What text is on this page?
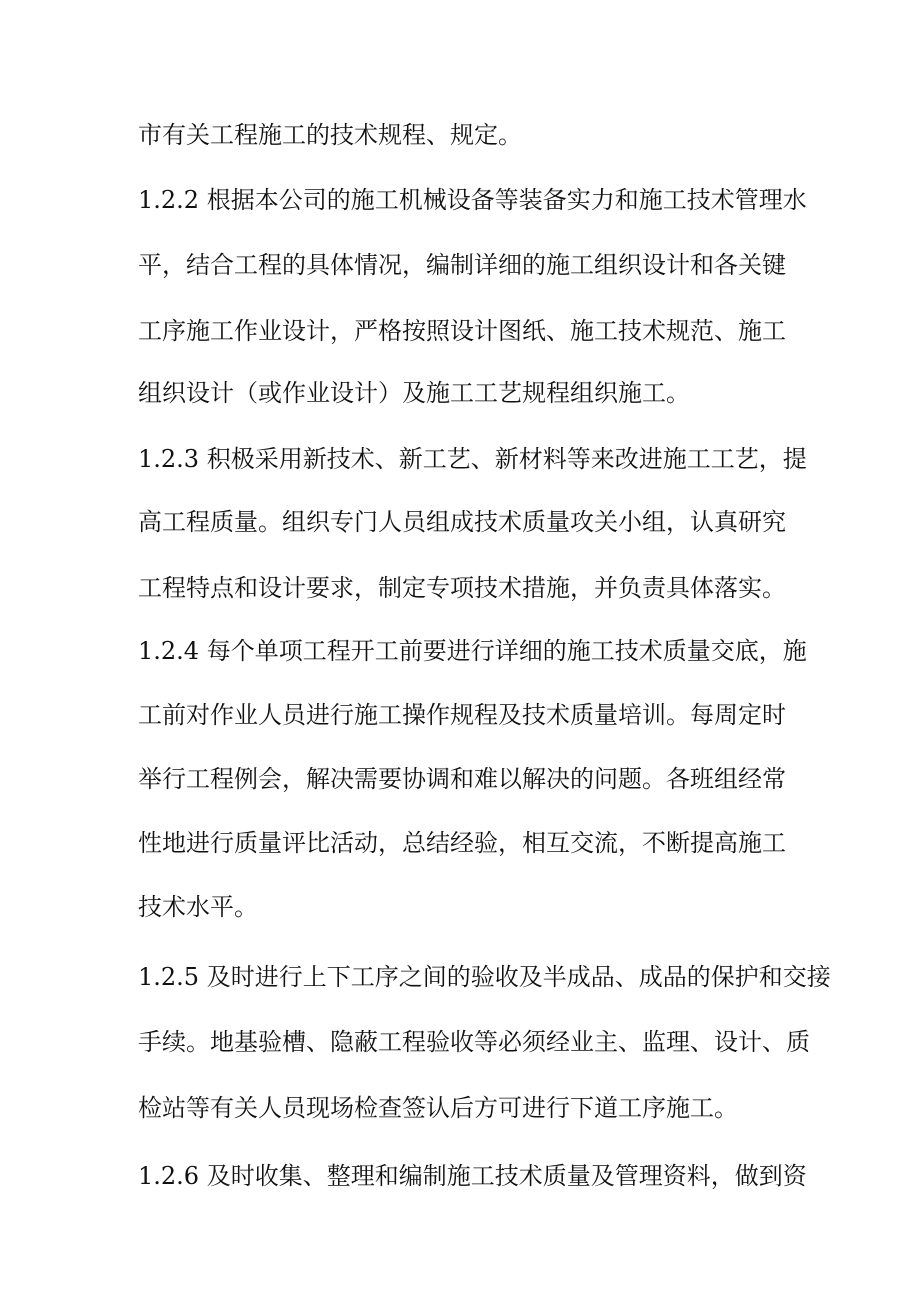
市有关工程施工的技术规程、规定。
1.2.2 根据本公司的施工机械设备等装备实力和施工技术管理水
平，结合工程的具体情况，编制详细的施工组织设计和各关键
工序施工作业设计，严格按照设计图纸、施工技术规范、施工
组织设计（或作业设计）及施工工艺规程组织施工。
1.2.3 积极采用新技术、新工艺、新材料等来改进施工工艺，提
高工程质量。组织专门人员组成技术质量攻关小组，认真研究
工程特点和设计要求，制定专项技术措施，并负责具体落实。
1.2.4 每个单项工程开工前要进行详细的施工技术质量交底，施
工前对作业人员进行施工操作规程及技术质量培训。每周定时
举行工程例会，解决需要协调和难以解决的问题。各班组经常
性地进行质量评比活动，总结经验，相互交流，不断提高施工
技术水平。
1.2.5 及时进行上下工序之间的验收及半成品、成品的保护和交接
手续。地基验槽、隐蔽工程验收等必须经业主、监理、设计、质
检站等有关人员现场检查签认后方可进行下道工序施工。
1.2.6 及时收集、整理和编制施工技术质量及管理资料，做到资
